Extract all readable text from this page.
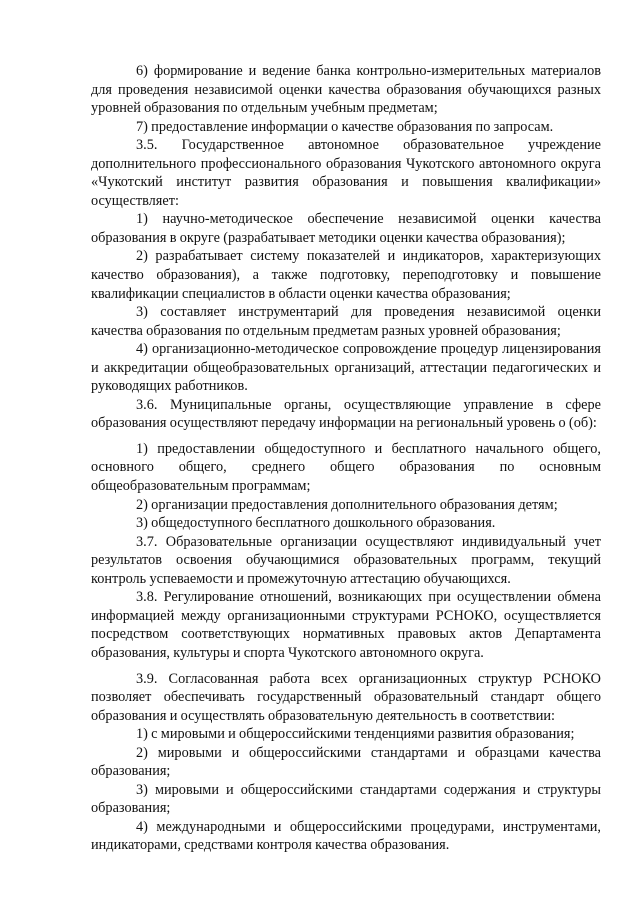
6) формирование и ведение банка контрольно-измерительных материалов для проведения независимой оценки качества образования обучающихся разных уровней образования по отдельным учебным предметам;

7) предоставление информации о качестве образования по запросам.

3.5. Государственное автономное образовательное учреждение дополнительного профессионального образования Чукотского автономного округа «Чукотский институт развития образования и повышения квалификации» осуществляет:

1) научно-методическое обеспечение независимой оценки качества образования в округе (разрабатывает методики оценки качества образования);

2) разрабатывает систему показателей и индикаторов, характеризующих качество образования), а также подготовку, переподготовку и повышение квалификации специалистов в области оценки качества образования;

3) составляет инструментарий для проведения независимой оценки качества образования по отдельным предметам разных уровней образования;

4) организационно-методическое сопровождение процедур лицензирования и аккредитации общеобразовательных организаций, аттестации педагогических и руководящих работников.

3.6. Муниципальные органы, осуществляющие управление в сфере образования осуществляют передачу информации на региональный уровень о (об):

1) предоставлении общедоступного и бесплатного начального общего, основного общего, среднего общего образования по основным общеобразовательным программам;

2) организации предоставления дополнительного образования детям;

3) общедоступного бесплатного дошкольного образования.

3.7. Образовательные организации осуществляют индивидуальный учет результатов освоения обучающимися образовательных программ, текущий контроль успеваемости и промежуточную аттестацию обучающихся.

3.8. Регулирование отношений, возникающих при осуществлении обмена информацией между организационными структурами РСНОКО, осуществляется посредством соответствующих нормативных правовых актов Департамента образования, культуры и спорта Чукотского автономного округа.

3.9. Согласованная работа всех организационных структур РСНОКО позволяет обеспечивать государственный образовательный стандарт общего образования и осуществлять образовательную деятельность в соответствии:

1) с мировыми и общероссийскими тенденциями развития образования;

2) мировыми и общероссийскими стандартами и образцами качества образования;

3) мировыми и общероссийскими стандартами содержания и структуры образования;

4) международными и общероссийскими процедурами, инструментами, индикаторами, средствами контроля качества образования.
